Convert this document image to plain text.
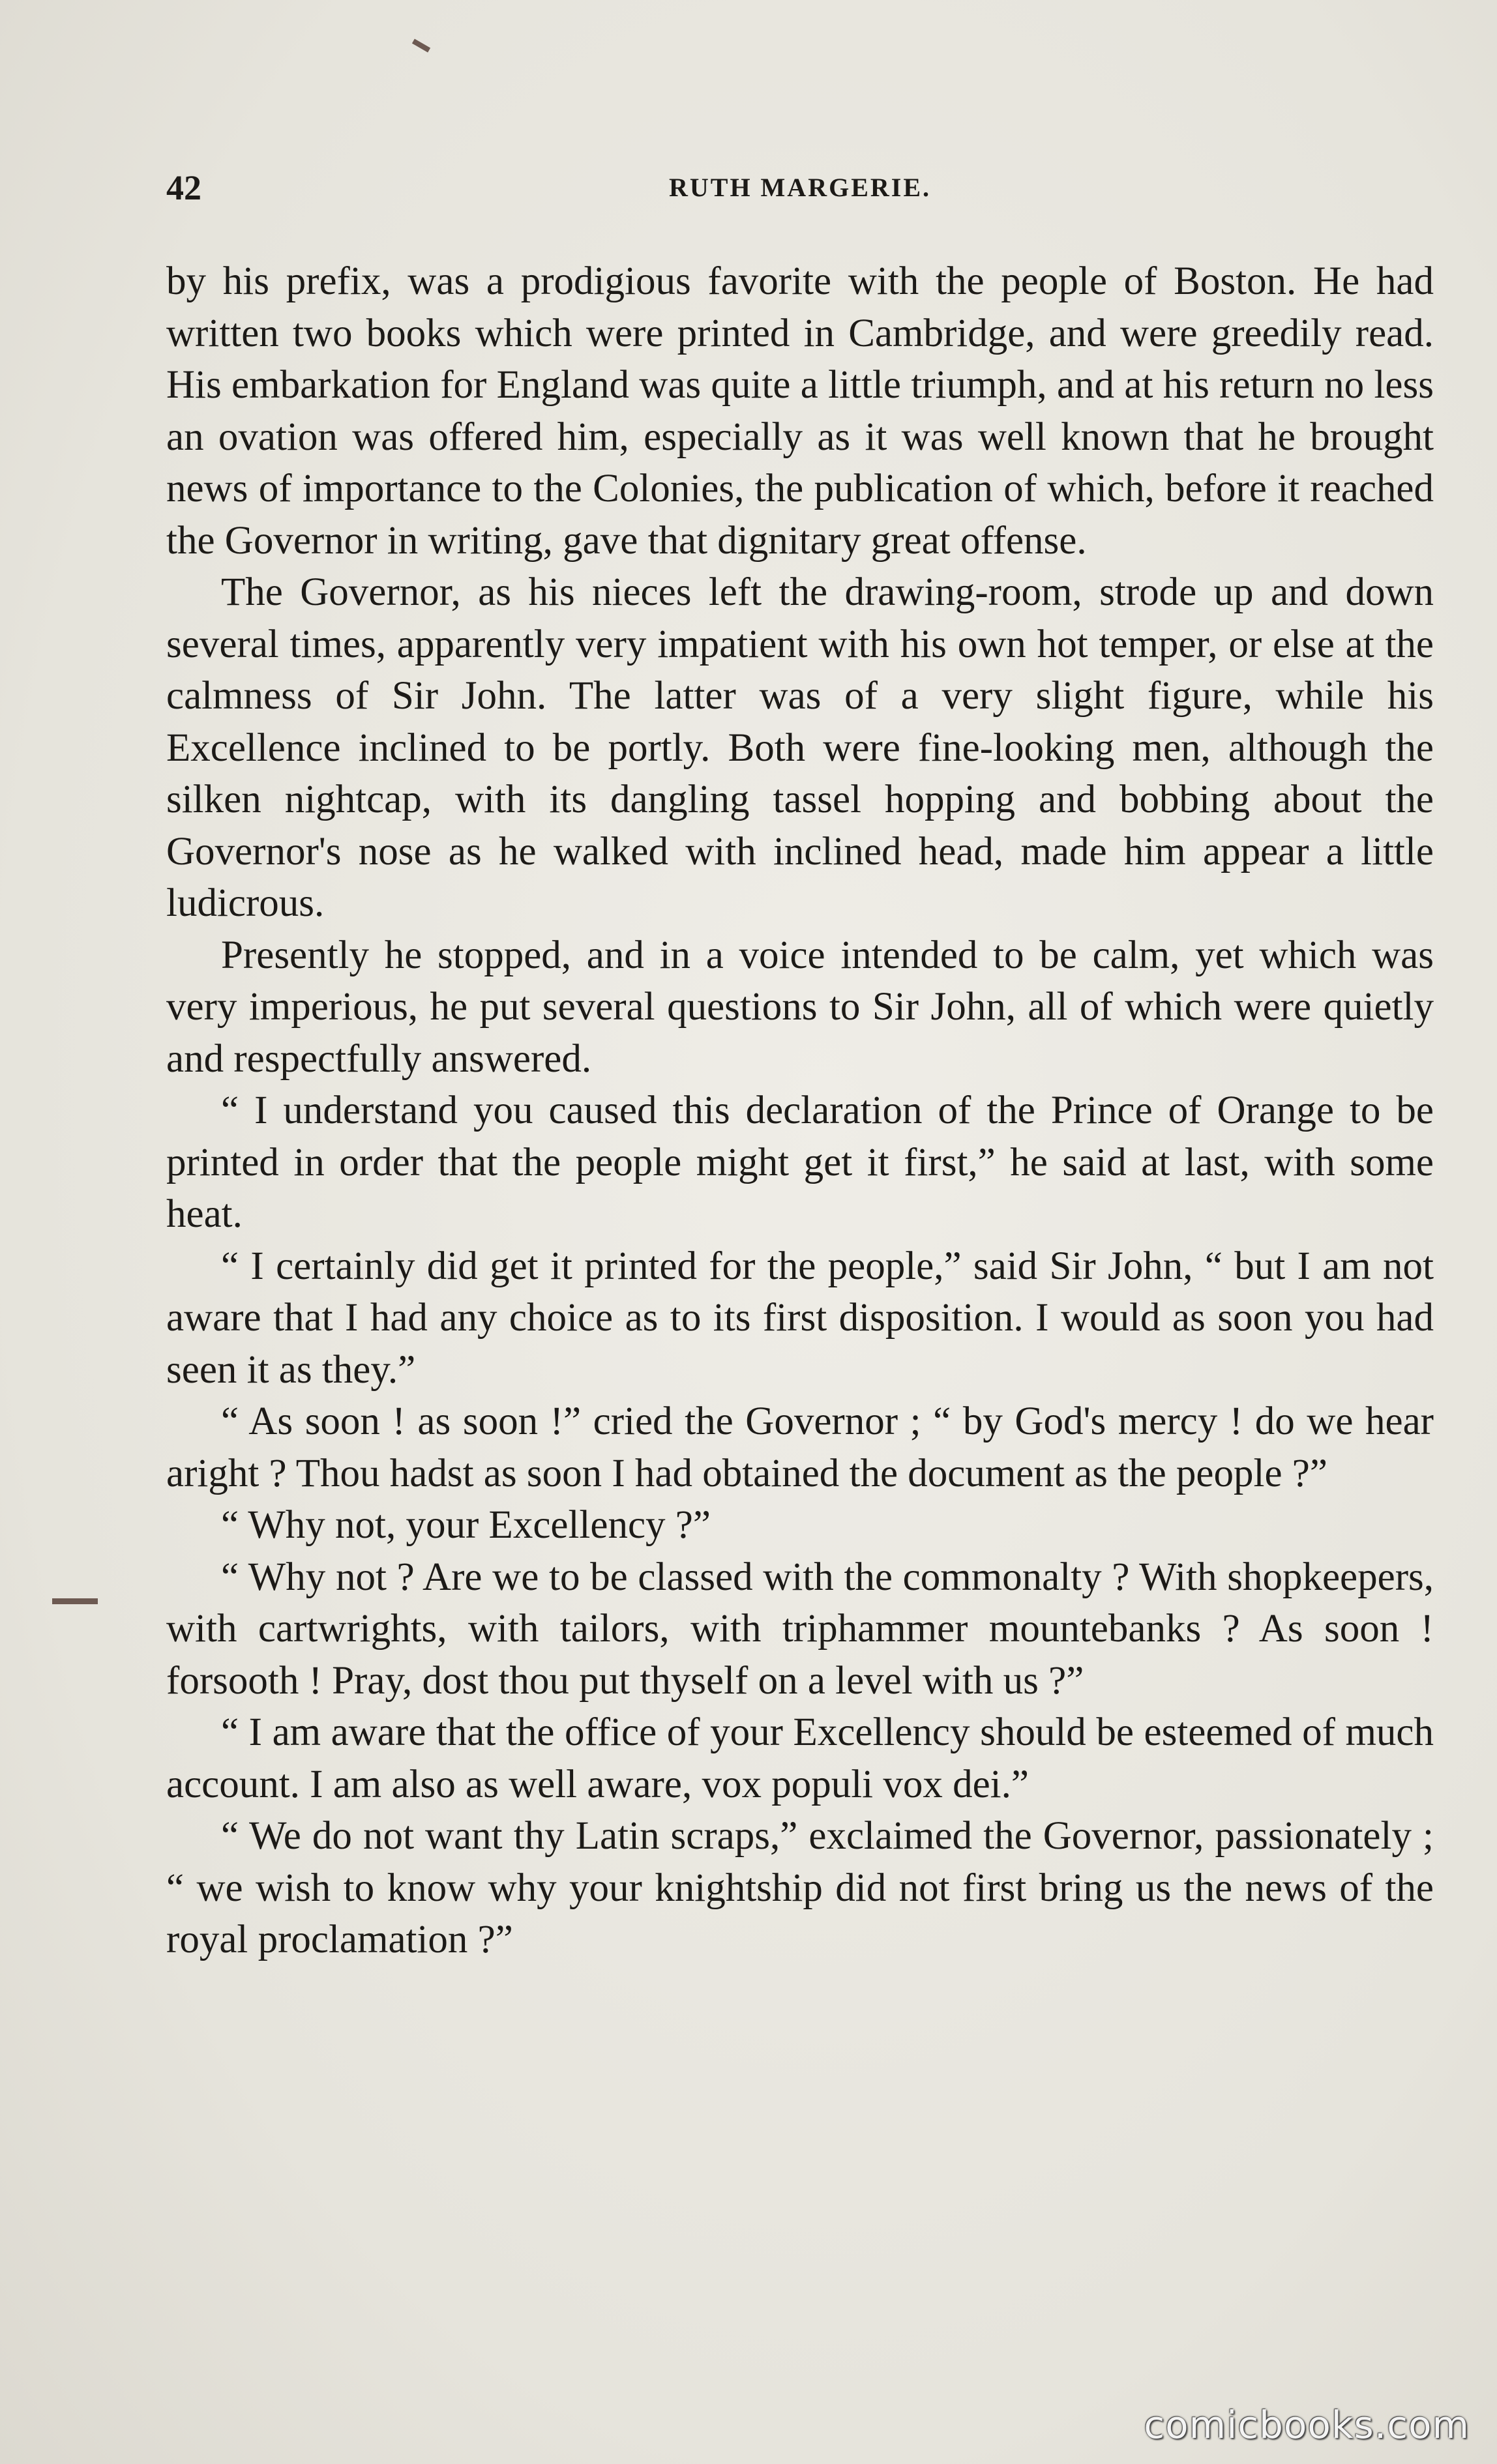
42	RUTH MARGERIE.

by his prefix, was a prodigious favorite with the people of Boston. He had written two books which were printed in Cambridge, and were greedily read. His embarkation for England was quite a little triumph, and at his return no less an ovation was offered him, especially as it was well known that he brought news of importance to the Colonies, the publication of which, before it reached the Governor in writing, gave that dignitary great offense.

The Governor, as his nieces left the drawing-room, strode up and down several times, apparently very impatient with his own hot temper, or else at the calmness of Sir John. The latter was of a very slight figure, while his Excellence inclined to be portly. Both were fine-looking men, although the silken nightcap, with its dangling tassel hopping and bobbing about the Governor's nose as he walked with inclined head, made him appear a little ludicrous.

Presently he stopped, and in a voice intended to be calm, yet which was very imperious, he put several questions to Sir John, all of which were quietly and respectfully answered.

“ I understand you caused this declaration of the Prince of Orange to be printed in order that the people might get it first,” he said at last, with some heat.

“ I certainly did get it printed for the people,” said Sir John, “ but I am not aware that I had any choice as to its first disposition. I would as soon you had seen it as they.”

“ As soon ! as soon !” cried the Governor ; “ by God's mercy ! do we hear aright ? Thou hadst as soon I had obtained the document as the people ?”

“ Why not, your Excellency ?”

“ Why not ? Are we to be classed with the commonalty ? With shopkeepers, with cartwrights, with tailors, with triphammer mountebanks ? As soon ! forsooth ! Pray, dost thou put thyself on a level with us ?”

“ I am aware that the office of your Excellency should be esteemed of much account. I am also as well aware, vox populi vox dei.”

“ We do not want thy Latin scraps,” exclaimed the Governor, passionately ; “ we wish to know why your knightship did not first bring us the news of the royal proclamation ?”

comicbooks.com
